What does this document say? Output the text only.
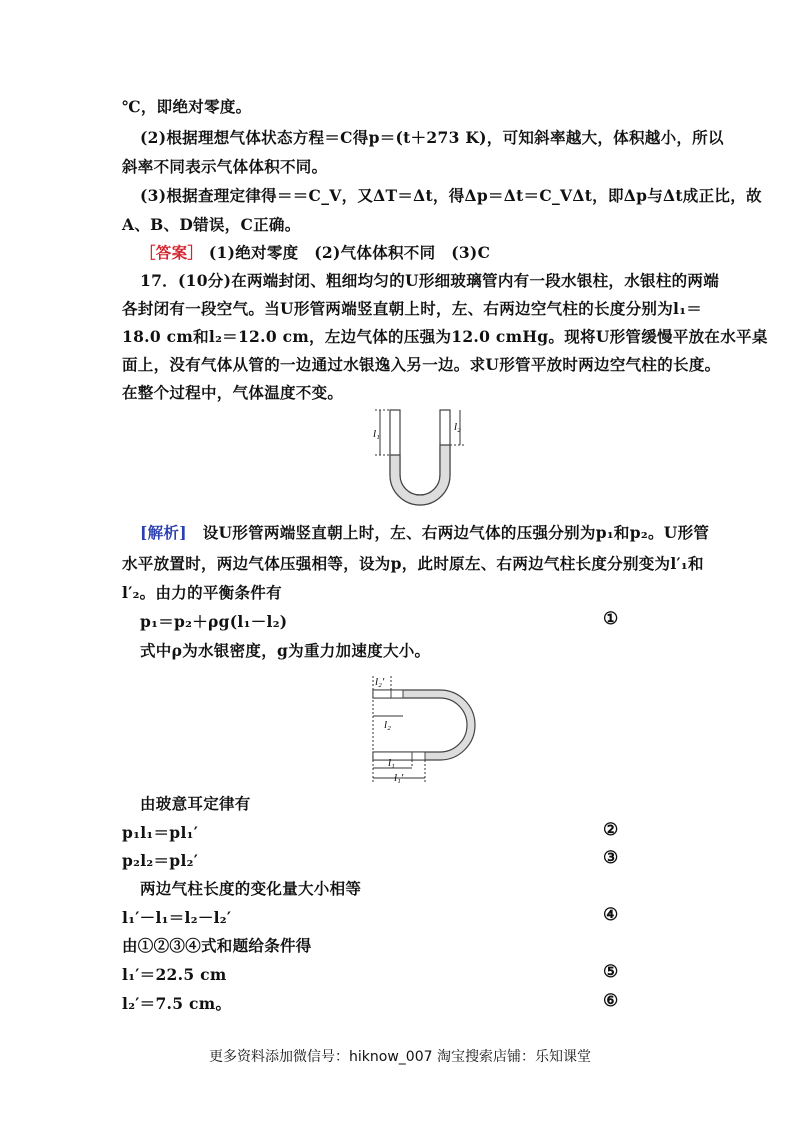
℃，即绝对零度。
(2)根据理想气体状态方程＝C得p＝(t＋273 K)，可知斜率越大，体积越小，所以
斜率不同表示气体体积不同。
(3)根据查理定律得＝＝C_V，又ΔT＝Δt，得Δp＝Δt＝C_VΔt，即Δp与Δt成正比，故
A、B、D错误，C正确。
［答案］ (1)绝对零度　(2)气体体积不同　(3)C
17．(10分)在两端封闭、粗细均匀的U形细玻璃管内有一段水银柱，水银柱的两端
各封闭有一段空气。当U形管两端竖直朝上时，左、右两边空气柱的长度分别为l₁＝
18.0 cm和l₂＝12.0 cm，左边气体的压强为12.0 cmHg。现将U形管缓慢平放在水平桌
面上，没有气体从管的一边通过水银逸入另一边。求U形管平放时两边空气柱的长度。
在整个过程中，气体温度不变。
l₁
l₂
[解析]　 设U形管两端竖直朝上时，左、右两边气体的压强分别为p₁和p₂。U形管
水平放置时，两边气体压强相等，设为p，此时原左、右两边气柱长度分别变为l′₁和
l′₂。由力的平衡条件有
p₁＝p₂＋ρg(l₁－l₂)	①
式中ρ为水银密度，g为重力加速度大小。
l₂′
l₂
l₁
l₁′
由玻意耳定律有
p₁l₁＝pl₁′	②
p₂l₂＝pl₂′	③
两边气柱长度的变化量大小相等
l₁′－l₁＝l₂－l₂′	④
由①②③④式和题给条件得
l₁′＝22.5 cm	⑤
l₂′＝7.5 cm。	⑥
更多资料添加微信号：hiknow_007 淘宝搜索店铺：乐知课堂
